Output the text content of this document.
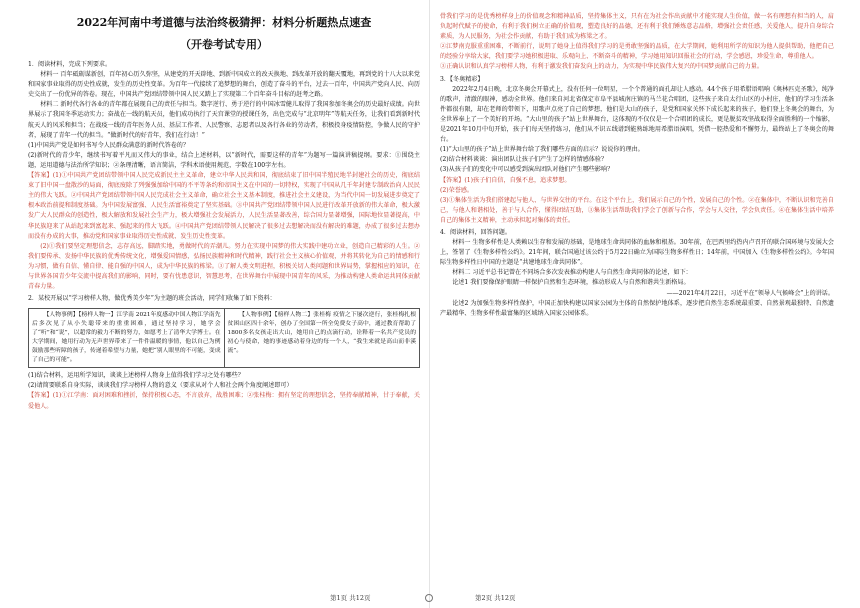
2022年河南中考道德与法治终极猜押：材料分析题热点速查
（开卷考试专用）

1．阅读材料，完成下列要求。

材料一 百年砥砺谋新创，百年初心历久弥坚，从建党的开天辟地、到新中国成立的改天换地、到改革开放的翻天覆地，再到党的十八大以来党和国家事业取得的历史性成就，发生的历史性变革。为百年一代接续了追梦想的舞台，创造了奋斗的平台，过去一百年，中国共产党向人民、向历史交出了一份优异的答卷。现在，中国共产党团结带领中国人民又踏上了实现第二个百年奋斗目标的赶考之路。

材料二 新时代各行各业的青年都在展现自己的责任与担当。数字逆行、勇于逆行的中国冰雪健儿取得了我国参加冬奥会的历史最好成绩。向世界展示了我国冬季运动实力；奋战在一线的航天员，他们成功执行了天宫课堂的授课任务，出色完成与“北京明年”等航天任务，让我们看到新时代航天人的风采和担当；在战疫一线的青年医务人员、基层工作者、人民警察、志愿者以及各行各业的劳动者，积极投身疫情防控，争做人民的守护者，展现了青年一代的担当。“做新时代的好青年，我们在行动！”

(1)中国共产党是如何书写令人民群众满意的新时代答卷的？

(2)新时代的青少年，继续书写着平凡而又伟大的事业，结合上述材料，以“新时代，需要这样的青年”为题写一篇演讲稿提纲。要求：①围绕主题，运用道德与法治所学知识；②条理清晰，语言简洁，学科术语使用规范，字数在100字左右。

【答案】(1)①中国共产党团结带领中国人民完成新民主主义革命，建立中华人民共和国，彻底结束了旧中国半殖民地半封建社会的历史，彻底结束了旧中国一盘散沙的局面，彻底废除了列强强加给中国的不平等条约和帝国主义在中国的一切特权，实现了中国从几千年封建专制政治向人民民主的伟大飞跃。②中国共产党团结带领中国人民完成社会主义革命，确立社会主义基本制度，推进社会主义建设，为当代中国一切发展进步奠定了根本政治前提和制度基础。为中国发展富强、人民生活富裕奠定了坚实基础。③中国共产党团结带领中国人民进行改革开放新的伟大革命，极大激发广大人民群众的创造性，极大解放和发展社会生产力，极大增强社会发展活力，人民生活显著改善，综合国力显著增强，国际地位显著提高，中华民族迎来了从站起来到富起来、强起来的伟大飞跃。④中国共产党团结带领人民解决了很多过去想解决而没有解决的难题，办成了很多过去想办而没有办成的大事，推动党和国家事业取得历史性成就、发生历史性变革。

(2)①我们要坚定理想信念，志存高远，脚踏实地，勇做时代的弄潮儿。努力在实现中国梦的伟大实践中建功立业，创造自己精彩的人生。②我们要传承、发扬中华民族的优秀传统文化，增强爱国情感，弘扬民族精神和时代精神，践行社会主义核心价值观，并将其转化为自己的情感和行为习惯，做有自信、懂自律、能自强的中国人，成为中华民族的栋梁。③了解人类文明进程，积极关切人类问题和世界局势，掌握相应的知识，在与世界各国青少年交流中提高我们的影响，同时，要有忧患意识，智慧思考，在世界舞台中展现中国青年的风采，为推动构建人类命运共同体贡献青春力量。

2．某校开展以“学习榜样人物，做优秀美少年”为主题的班会活动，同学们收集了如下资料：

【人物事例】【榜样人物一】江学南 2021年度感动中国人物江学南先后多次见了从小失聪带来的重重困难，通过坚持学习，她学会了“听”和“说”，以超常的毅力不断的努力，如愿考上了清华大学博士。在大学期间，她用行动为无声世界带来了一件件温暖的事情，他以自己为例鼓励那些听障的孩子，传递着希望与力量，她把“别人眼里的不可能，变成了自己的可能”。

【人物事例】【榜样人物二】张桂梅 疫情之下屡次逆行，张桂梅扎根贫困山区四十余年，创办了全国第一所全免费女子高中，通过教育帮助了1800多名女孩走出大山，她用自己的点滴行动，诠释着一名共产党员的初心与使命，她的事迹感动着身边的每一个人，“我生来就是高山而非溪流”。

(1)结合材料，运用所学知识，谈谈上述榜样人物身上值得我们学习之处有哪些？

(2)请简要联系自身实际，谈谈我们学习榜样人物的意义（要求从对个人和社会两个角度阐述即可）

【答案】(1)①江学南：面对困难和挫折，保持积极心态，不言放弃，战胜困难；②张桂梅：拥有坚定的理想信念，坚持奉献精神，甘于奉献，关爱他人。

骨我们学习的是优秀榜样身上的价值观念和精神品质，坚持集体主义，只有在为社会作出贡献中才能实现人生价值，做一名有理想有担当的人，肩负起时代赋予的使命，有利于我们树立正确的价值观，塑造良好的品德，还有利于我们锤炼意志品格，增强社会责任感，关爱他人，提升自身综合素质，为人民服务，为社会作贡献，有助于我们成为栋梁之才。

②江梦南克服重重困难，不断前行，说明了她身上值得我们学习的是勇敢坚强的品质，在大学期间，她利用所学的知识为他人提供帮助，他把自己的经验分享给大家，我们要学习她积极进取、乐观向上、不断奋斗的精神，学习她用知识回报社会的行动，学会感恩，珍爱生命，尊重他人。

③正确认识和认真学习榜样人物，有利于激发我们奋发向上的动力，为实现中华民族伟大复兴的中国梦贡献自己的力量。

3．【冬奥精彩】

2022年2月4日晚，北京冬奥会开幕式上，没有任何一位明星，一个个普通的面孔却让人感动。44个孩子用希腊语唱响《奥林匹克圣歌》，纯净的歌声，清澈的眼神，感动全世界。他们来自河北省保定市阜平县城南庄镇的马兰花合唱团，这些孩子来自太行山区的小村庄，他们的学习生活条件都很有限，却在老师的带领下，用歌声点亮了自己的梦想，他们是大山的孩子，是党和国家关怀下成长起来的孩子，他们登上冬奥会的舞台，为全世界奉上了一个美好的开场。“大山里的孩子”站上世界舞台，这体现的不仅仅是一个合唱团的成长，更是脱贫攻坚战取得全面胜利的一个缩影，是2021年10月中旬开始，孩子们每天坚持练习，他们从不识五线谱到能熟练地用希腊语演唱，凭借一腔热爱和不懈努力，最终站上了冬奥会的舞台。

(1)“大山里的孩子”站上世界舞台给了我们哪些方面的启示？说说你的理由。

(2)结合材料谈谈：演出团队让孩子们产生了怎样的情感体验？

(3)从孩子们的变化中可以感受到演出团队对他们产生哪些影响？

【答案】(1)孩子们自信，自强不息，追求梦想。

(2)荣誉感。

(3)①集体生活为我们搭建起与他人、与世界交往的平台。在这个平台上，我们展示自己的个性，发展自己的个性。②在集体中，不断认识和完善自己，与他人和谐相处，善于与人合作，懂得团结互助，③集体生活帮助我们学会了创新与合作，学会与人交往，学会负责任。④在集体生活中培养自己的集体主义精神，主动承担起对集体的责任。

4．阅读材料，回答问题。

材料一 生物多样性是人类赖以生存和发展的基础，是地球生命共同体的血脉和根基。30年前，在巴西里约热内卢召开的联合国环境与发展大会上，签署了《生物多样性公约》。21年间，联合国通过该公约于5月22日确立为国际生物多样性日；14年前，中国加入《生物多样性公约》。今年国际生物多样性日中国的主题是“共建地球生命共同体”。

材料二 习近平总书记曾在不同场合多次发表推动构建人与自然生命共同体的论述，如下：

论述1 我们要像保护眼睛一样保护自然和生态环境，推动形成人与自然和谐共生新格局。

——2021年4月22日，习近平在“领导人气候峰会”上的讲话。

论述2 为加强生物多样性保护，中国正加快构建以国家公园为主体的自然保护地体系，逐步把自然生态系统最重要、自然景观最独特、自然遗产最精华、生物多样性最富集的区域纳入国家公园体系。

第1页 共12页	第2页 共12页
